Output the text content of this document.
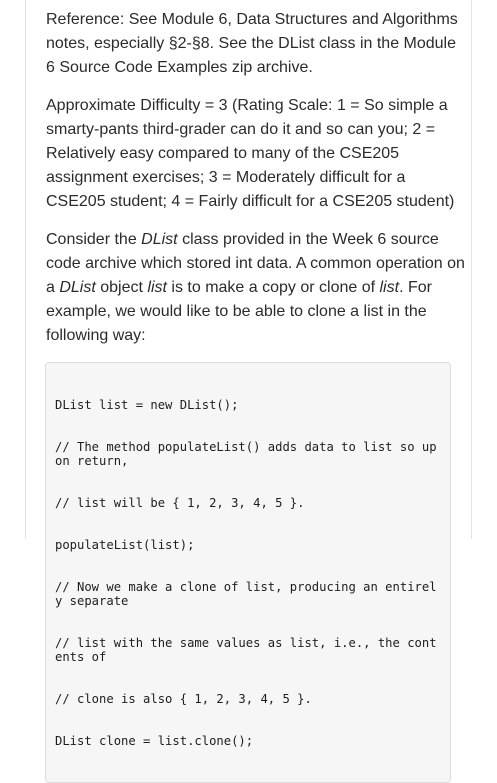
Reference: See Module 6, Data Structures and Algorithms notes, especially §2-§8. See the DList class in the Module 6 Source Code Examples zip archive.

Approximate Difficulty = 3 (Rating Scale: 1 = So simple a smarty-pants third-grader can do it and so can you; 2 = Relatively easy compared to many of the CSE205 assignment exercises; 3 = Moderately difficult for a CSE205 student; 4 = Fairly difficult for a CSE205 student)

Consider the DList class provided in the Week 6 source code archive which stored int data. A common operation on a DList object list is to make a copy or clone of list. For example, we would like to be able to clone a list in the following way:

DList list = new DList();

// The method populateList() adds data to list so upon return,

// list will be { 1, 2, 3, 4, 5 }.

populateList(list);

// Now we make a clone of list, producing an entirely separate

// list with the same values as list, i.e., the contents of

// clone is also { 1, 2, 3, 4, 5 }.

DList clone = list.clone();
